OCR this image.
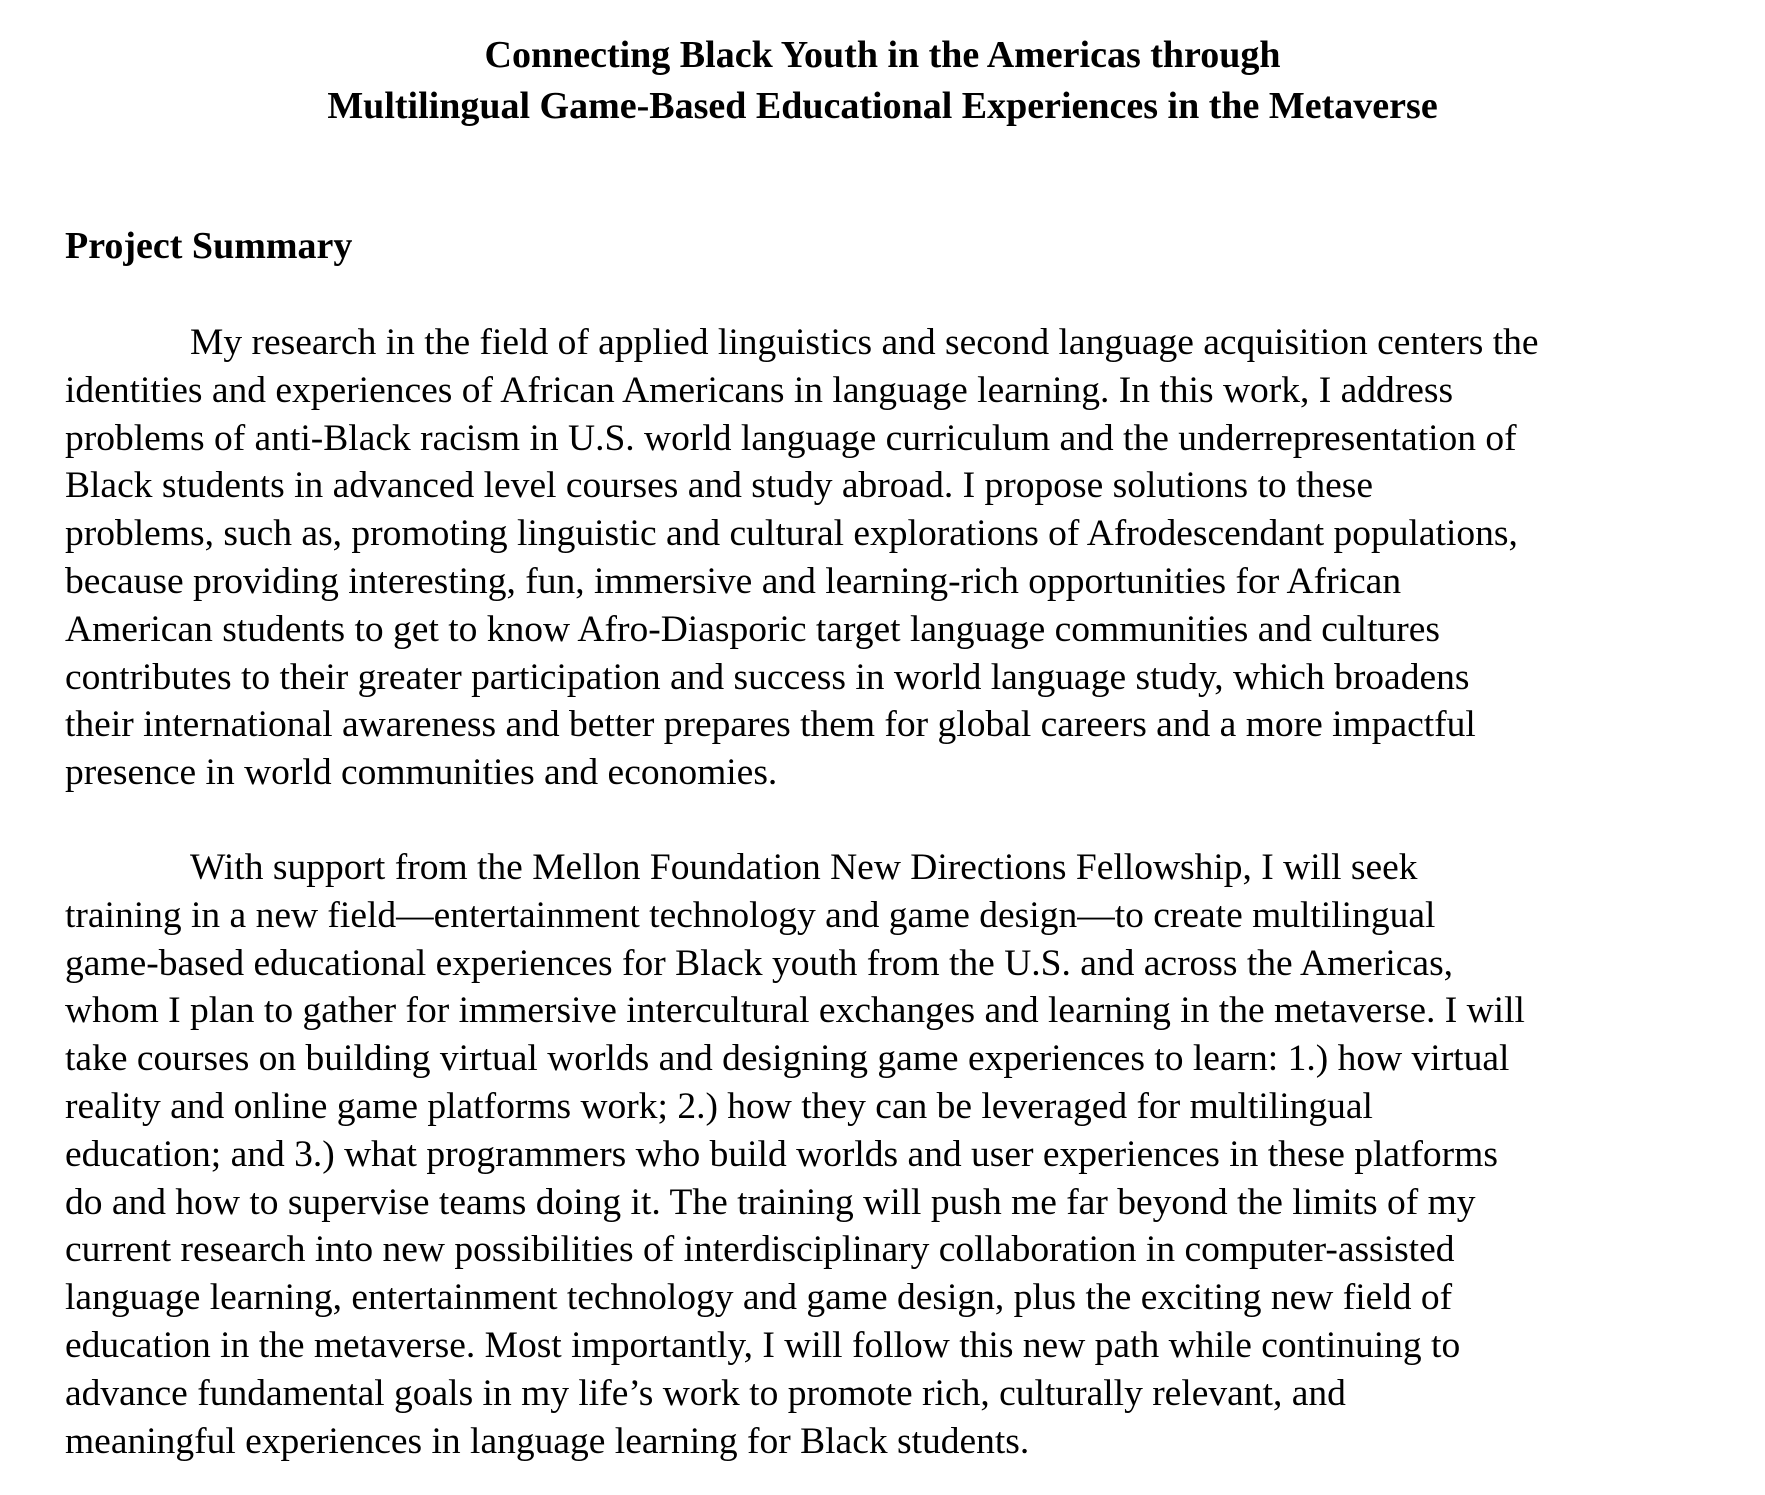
Connecting Black Youth in the Americas through
Multilingual Game-Based Educational Experiences in the Metaverse
Project Summary

My research in the field of applied linguistics and second language acquisition centers the
identities and experiences of African Americans in language learning. In this work, I address
problems of anti-Black racism in U.S. world language curriculum and the underrepresentation of
Black students in advanced level courses and study abroad. I propose solutions to these
problems, such as, promoting linguistic and cultural explorations of Afrodescendant populations,
because providing interesting, fun, immersive and learning-rich opportunities for African
American students to get to know Afro-Diasporic target language communities and cultures
contributes to their greater participation and success in world language study, which broadens
their international awareness and better prepares them for global careers and a more impactful
presence in world communities and economies.

With support from the Mellon Foundation New Directions Fellowship, I will seek
training in a new field—entertainment technology and game design—to create multilingual
game-based educational experiences for Black youth from the U.S. and across the Americas,
whom I plan to gather for immersive intercultural exchanges and learning in the metaverse. I will
take courses on building virtual worlds and designing game experiences to learn: 1.) how virtual
reality and online game platforms work; 2.) how they can be leveraged for multilingual
education; and 3.) what programmers who build worlds and user experiences in these platforms
do and how to supervise teams doing it. The training will push me far beyond the limits of my
current research into new possibilities of interdisciplinary collaboration in computer-assisted
language learning, entertainment technology and game design, plus the exciting new field of
education in the metaverse. Most importantly, I will follow this new path while continuing to
advance fundamental goals in my life’s work to promote rich, culturally relevant, and
meaningful experiences in language learning for Black students.
